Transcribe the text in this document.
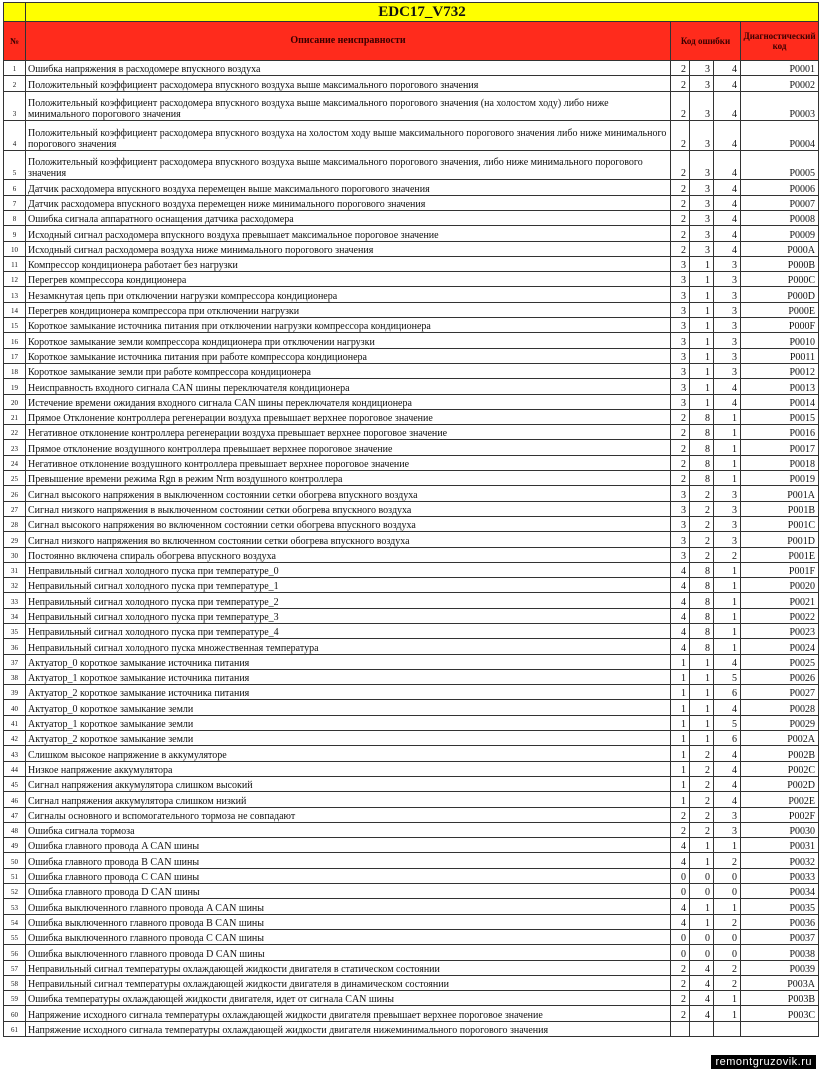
	EDC17_V732				
№	Описание неисправности	Код ошибки			Диагностический код
1	Ошибка напряжения в расходомере впускного воздуха	2	3	4	P0001
2	Положительный коэффициент расходомера впускного воздуха выше максимального порогового значения	2	3	4	P0002
3	Положительный коэффициент расходомера впускного воздуха выше максимального порогового значения (на холостом ходу) либо ниже минимального порогового значения	2	3	4	P0003
4	Положительный коэффициент расходомера впускного воздуха на холостом ходу выше максимального порогового значения либо ниже минимального порогового значения	2	3	4	P0004
5	Положительный коэффициент расходомера впускного воздуха выше максимального порогового значения, либо ниже минимального порогового значения	2	3	4	P0005
6	Датчик расходомера впускного воздуха перемещен выше максимального порогового значения	2	3	4	P0006
7	Датчик расходомера впускного воздуха перемещен ниже минимального порогового значения	2	3	4	P0007
8	Ошибка сигнала аппаратного оснащения датчика расходомера	2	3	4	P0008
9	Исходный сигнал расходомера впускного воздуха превышает максимальное пороговое значение	2	3	4	P0009
10	Исходный сигнал расходомера воздуха ниже минимального порогового значения	2	3	4	P000A
11	Компрессор кондиционера работает без нагрузки	3	1	3	P000B
12	Перегрев компрессора кондиционера	3	1	3	P000C
13	Незамкнутая цепь при отключении нагрузки компрессора кондиционера	3	1	3	P000D
14	Перегрев кондиционера компрессора при отключении нагрузки	3	1	3	P000E
15	Короткое замыкание источника питания при отключении нагрузки компрессора кондиционера	3	1	3	P000F
16	Короткое замыкание земли компрессора кондиционера при отключении нагрузки	3	1	3	P0010
17	Короткое замыкание источника питания при работе компрессора кондиционера	3	1	3	P0011
18	Короткое замыкание земли при работе компрессора кондиционера	3	1	3	P0012
19	Неисправность входного сигнала CAN шины переключателя кондиционера	3	1	4	P0013
20	Истечение времени ожидания входного сигнала CAN шины переключателя кондиционера	3	1	4	P0014
21	Прямое Отклонение контроллера регенерации воздуха превышает верхнее пороговое значение	2	8	1	P0015
22	Негативное отклонение контроллера регенерации воздуха превышает верхнее пороговое значение	2	8	1	P0016
23	Прямое отклонение воздушного контроллера превышает верхнее пороговое значение	2	8	1	P0017
24	Негативное отклонение воздушного контроллера превышает верхнее пороговое значение	2	8	1	P0018
25	Превышение времени режима Rgn в режим Nrm воздушного контроллера	2	8	1	P0019
26	Сигнал высокого напряжения в выключенном состоянии сетки обогрева впускного воздуха	3	2	3	P001A
27	Сигнал низкого напряжения в выключенном состоянии сетки обогрева впускного воздуха	3	2	3	P001B
28	Сигнал высокого напряжения во включенном состоянии сетки обогрева впускного воздуха	3	2	3	P001C
29	Сигнал низкого напряжения во включенном состоянии сетки обогрева впускного воздуха	3	2	3	P001D
30	Постоянно включена спираль обогрева впускного воздуха	3	2	2	P001E
31	Неправильный сигнал холодного пуска при температуре_0	4	8	1	P001F
32	Неправильный сигнал холодного пуска при температуре_1	4	8	1	P0020
33	Неправильный сигнал холодного пуска при температуре_2	4	8	1	P0021
34	Неправильный сигнал холодного пуска при температуре_3	4	8	1	P0022
35	Неправильный сигнал холодного пуска при температуре_4	4	8	1	P0023
36	Неправильный сигнал холодного пуска множественная температура	4	8	1	P0024
37	Актуатор_0 короткое замыкание источника питания	1	1	4	P0025
38	Актуатор_1 короткое замыкание источника питания	1	1	5	P0026
39	Актуатор_2 короткое замыкание источника питания	1	1	6	P0027
40	Актуатор_0 короткое замыкание земли	1	1	4	P0028
41	Актуатор_1 короткое замыкание земли	1	1	5	P0029
42	Актуатор_2 короткое замыкание земли	1	1	6	P002A
43	Слишком высокое напряжение в аккумуляторе	1	2	4	P002B
44	Низкое напряжение аккумулятора	1	2	4	P002C
45	Сигнал напряжения аккумулятора слишком высокий	1	2	4	P002D
46	Сигнал напряжения аккумулятора слишком низкий	1	2	4	P002E
47	Сигналы основного и вспомогательного тормоза не совпадают	2	2	3	P002F
48	Ошибка сигнала тормоза	2	2	3	P0030
49	Ошибка главного провода A CAN шины	4	1	1	P0031
50	Ошибка главного провода B CAN шины	4	1	2	P0032
51	Ошибка главного провода C CAN шины	0	0	0	P0033
52	Ошибка главного провода D CAN шины	0	0	0	P0034
53	Ошибка выключенного главного провода A CAN шины	4	1	1	P0035
54	Ошибка выключенного главного провода B CAN шины	4	1	2	P0036
55	Ошибка выключенного главного провода C CAN шины	0	0	0	P0037
56	Ошибка выключенного главного провода D CAN шины	0	0	0	P0038
57	Неправильный сигнал температуры охлаждающей жидкости двигателя в статическом состоянии	2	4	2	P0039
58	Неправильный сигнал температуры охлаждающей жидкости двигателя в динамическом состоянии	2	4	2	P003A
59	Ошибка температуры охлаждающей жидкости двигателя, идет от сигнала CAN шины	2	4	1	P003B
60	Напряжение исходного сигнала температуры охлаждающей жидкости двигателя превышает верхнее пороговое значение	2	4	1	P003C
61	Напряжение исходного сигнала температуры охлаждающей жидкости двигателя нижеминимального порогового значения				
remontgruzovik.ru
